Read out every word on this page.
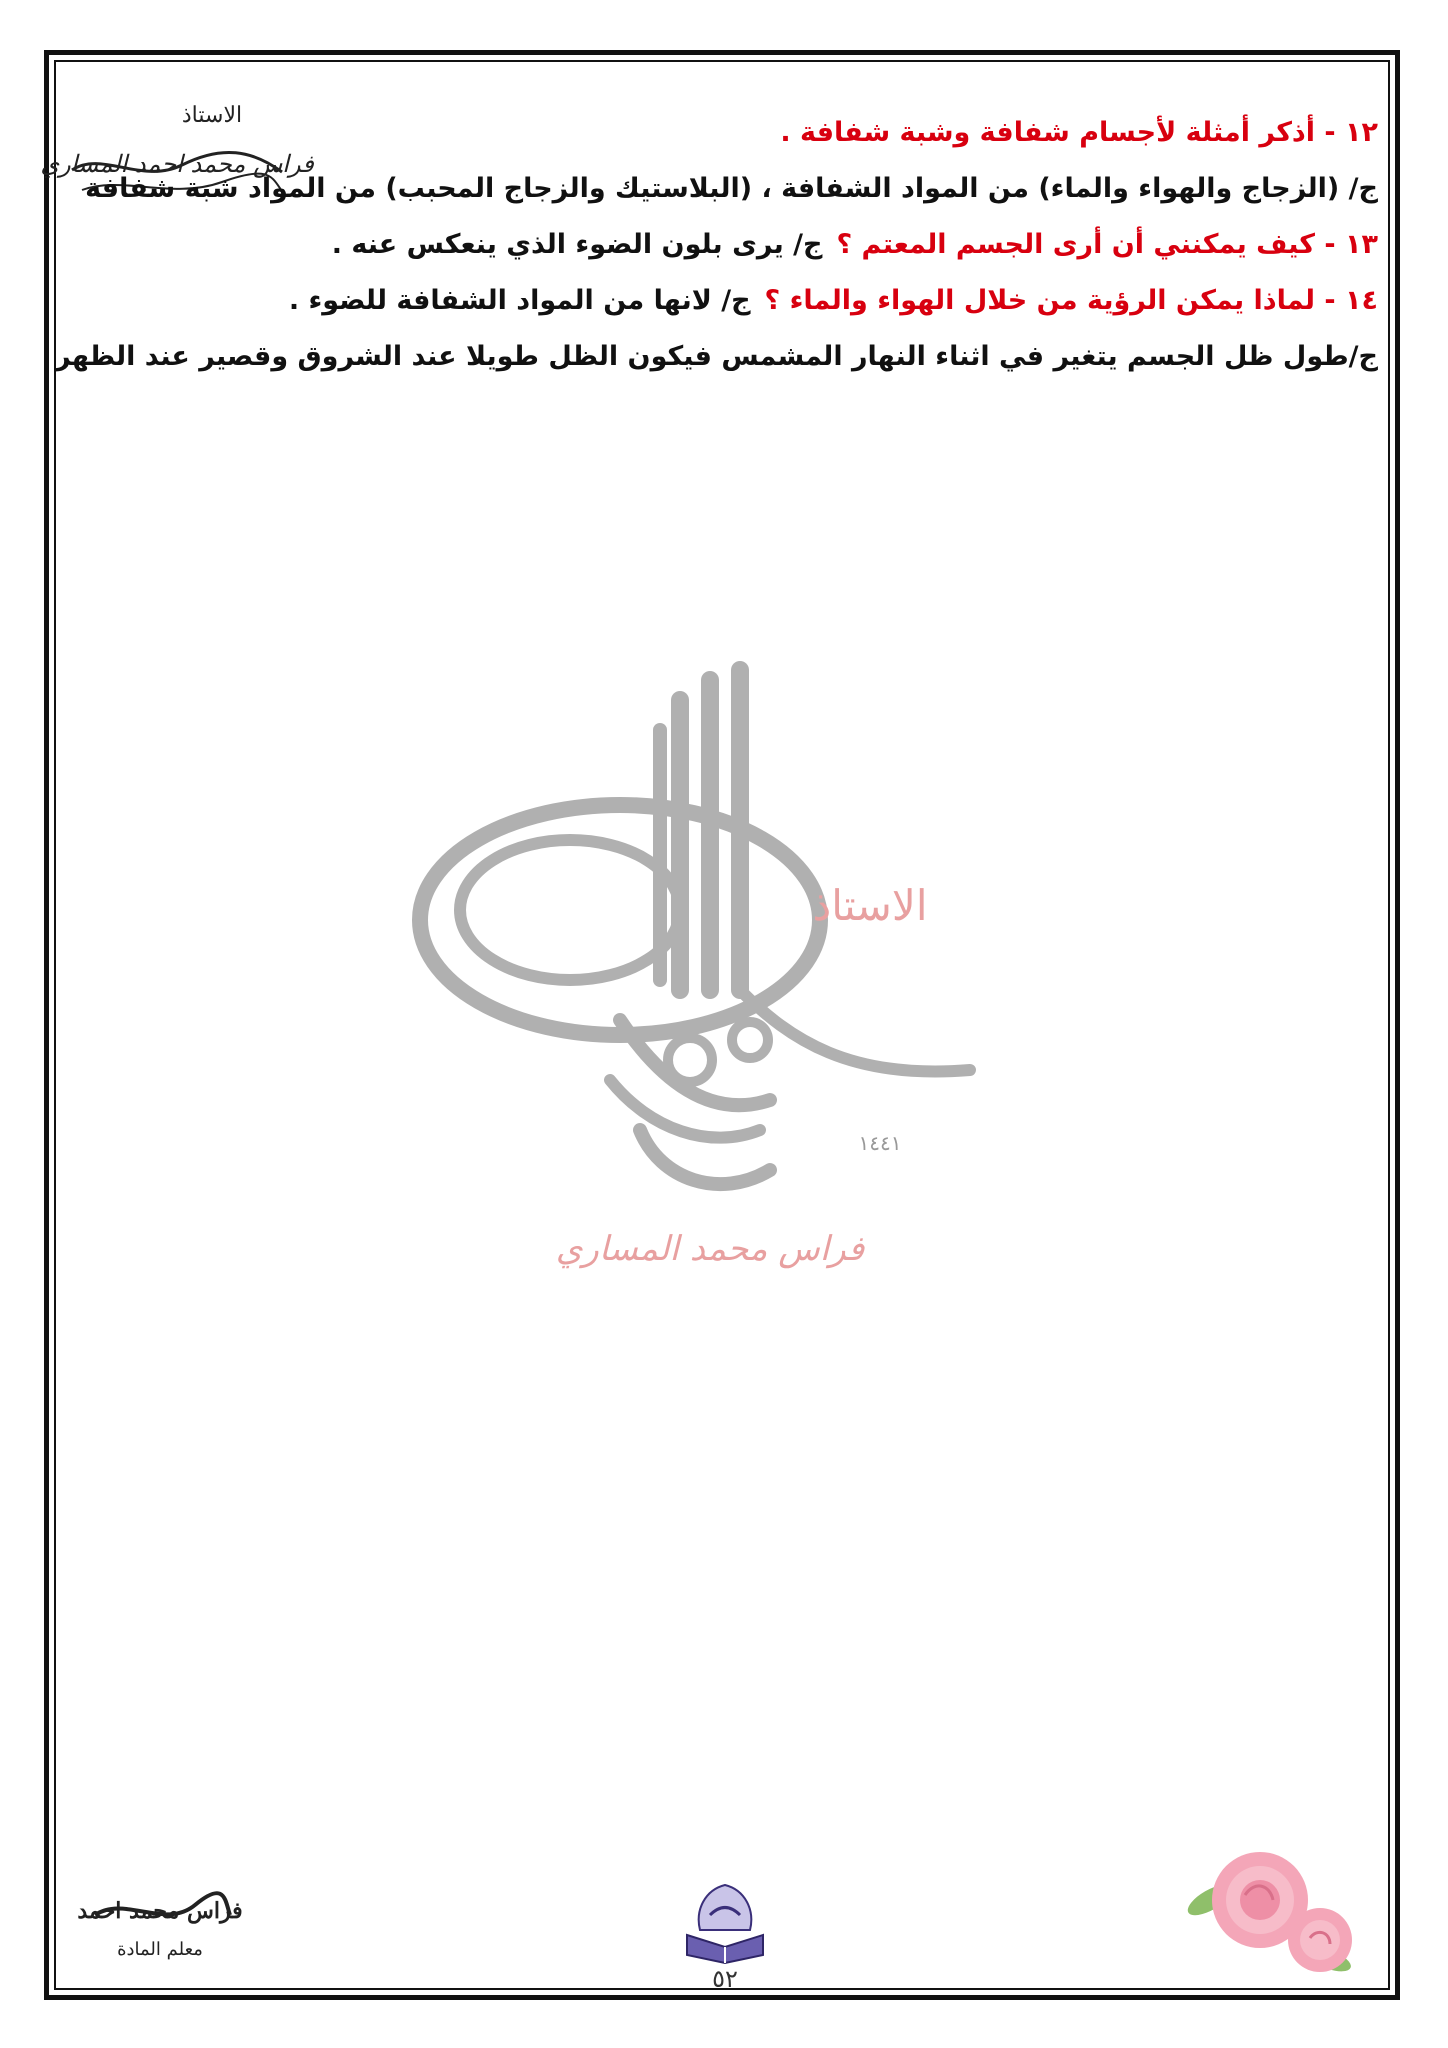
الاستاذ
فراس محمد احمد المساري
١٢ - أذكر أمثلة لأجسام شفافة وشبة شفافة .
ج/ (الزجاج والهواء والماء) من المواد الشفافة ، (البلاستيك والزجاج المحبب) من المواد شبة شفافة
١٣ - كيف يمكنني أن أرى الجسم المعتم ؟ج/ يرى بلون الضوء الذي ينعكس عنه .
١٤ - لماذا يمكن الرؤية من خلال الهواء والماء ؟ج/ لانها من المواد الشفافة للضوء .
ج/طول ظل الجسم يتغير في اثناء النهار المشمس فيكون الظل طويلا عند الشروق وقصير عند الظهر
الاستاذ
١٤٤١
فراس محمد المساري
فراس محمد احمد
معلم المادة
٥٢
